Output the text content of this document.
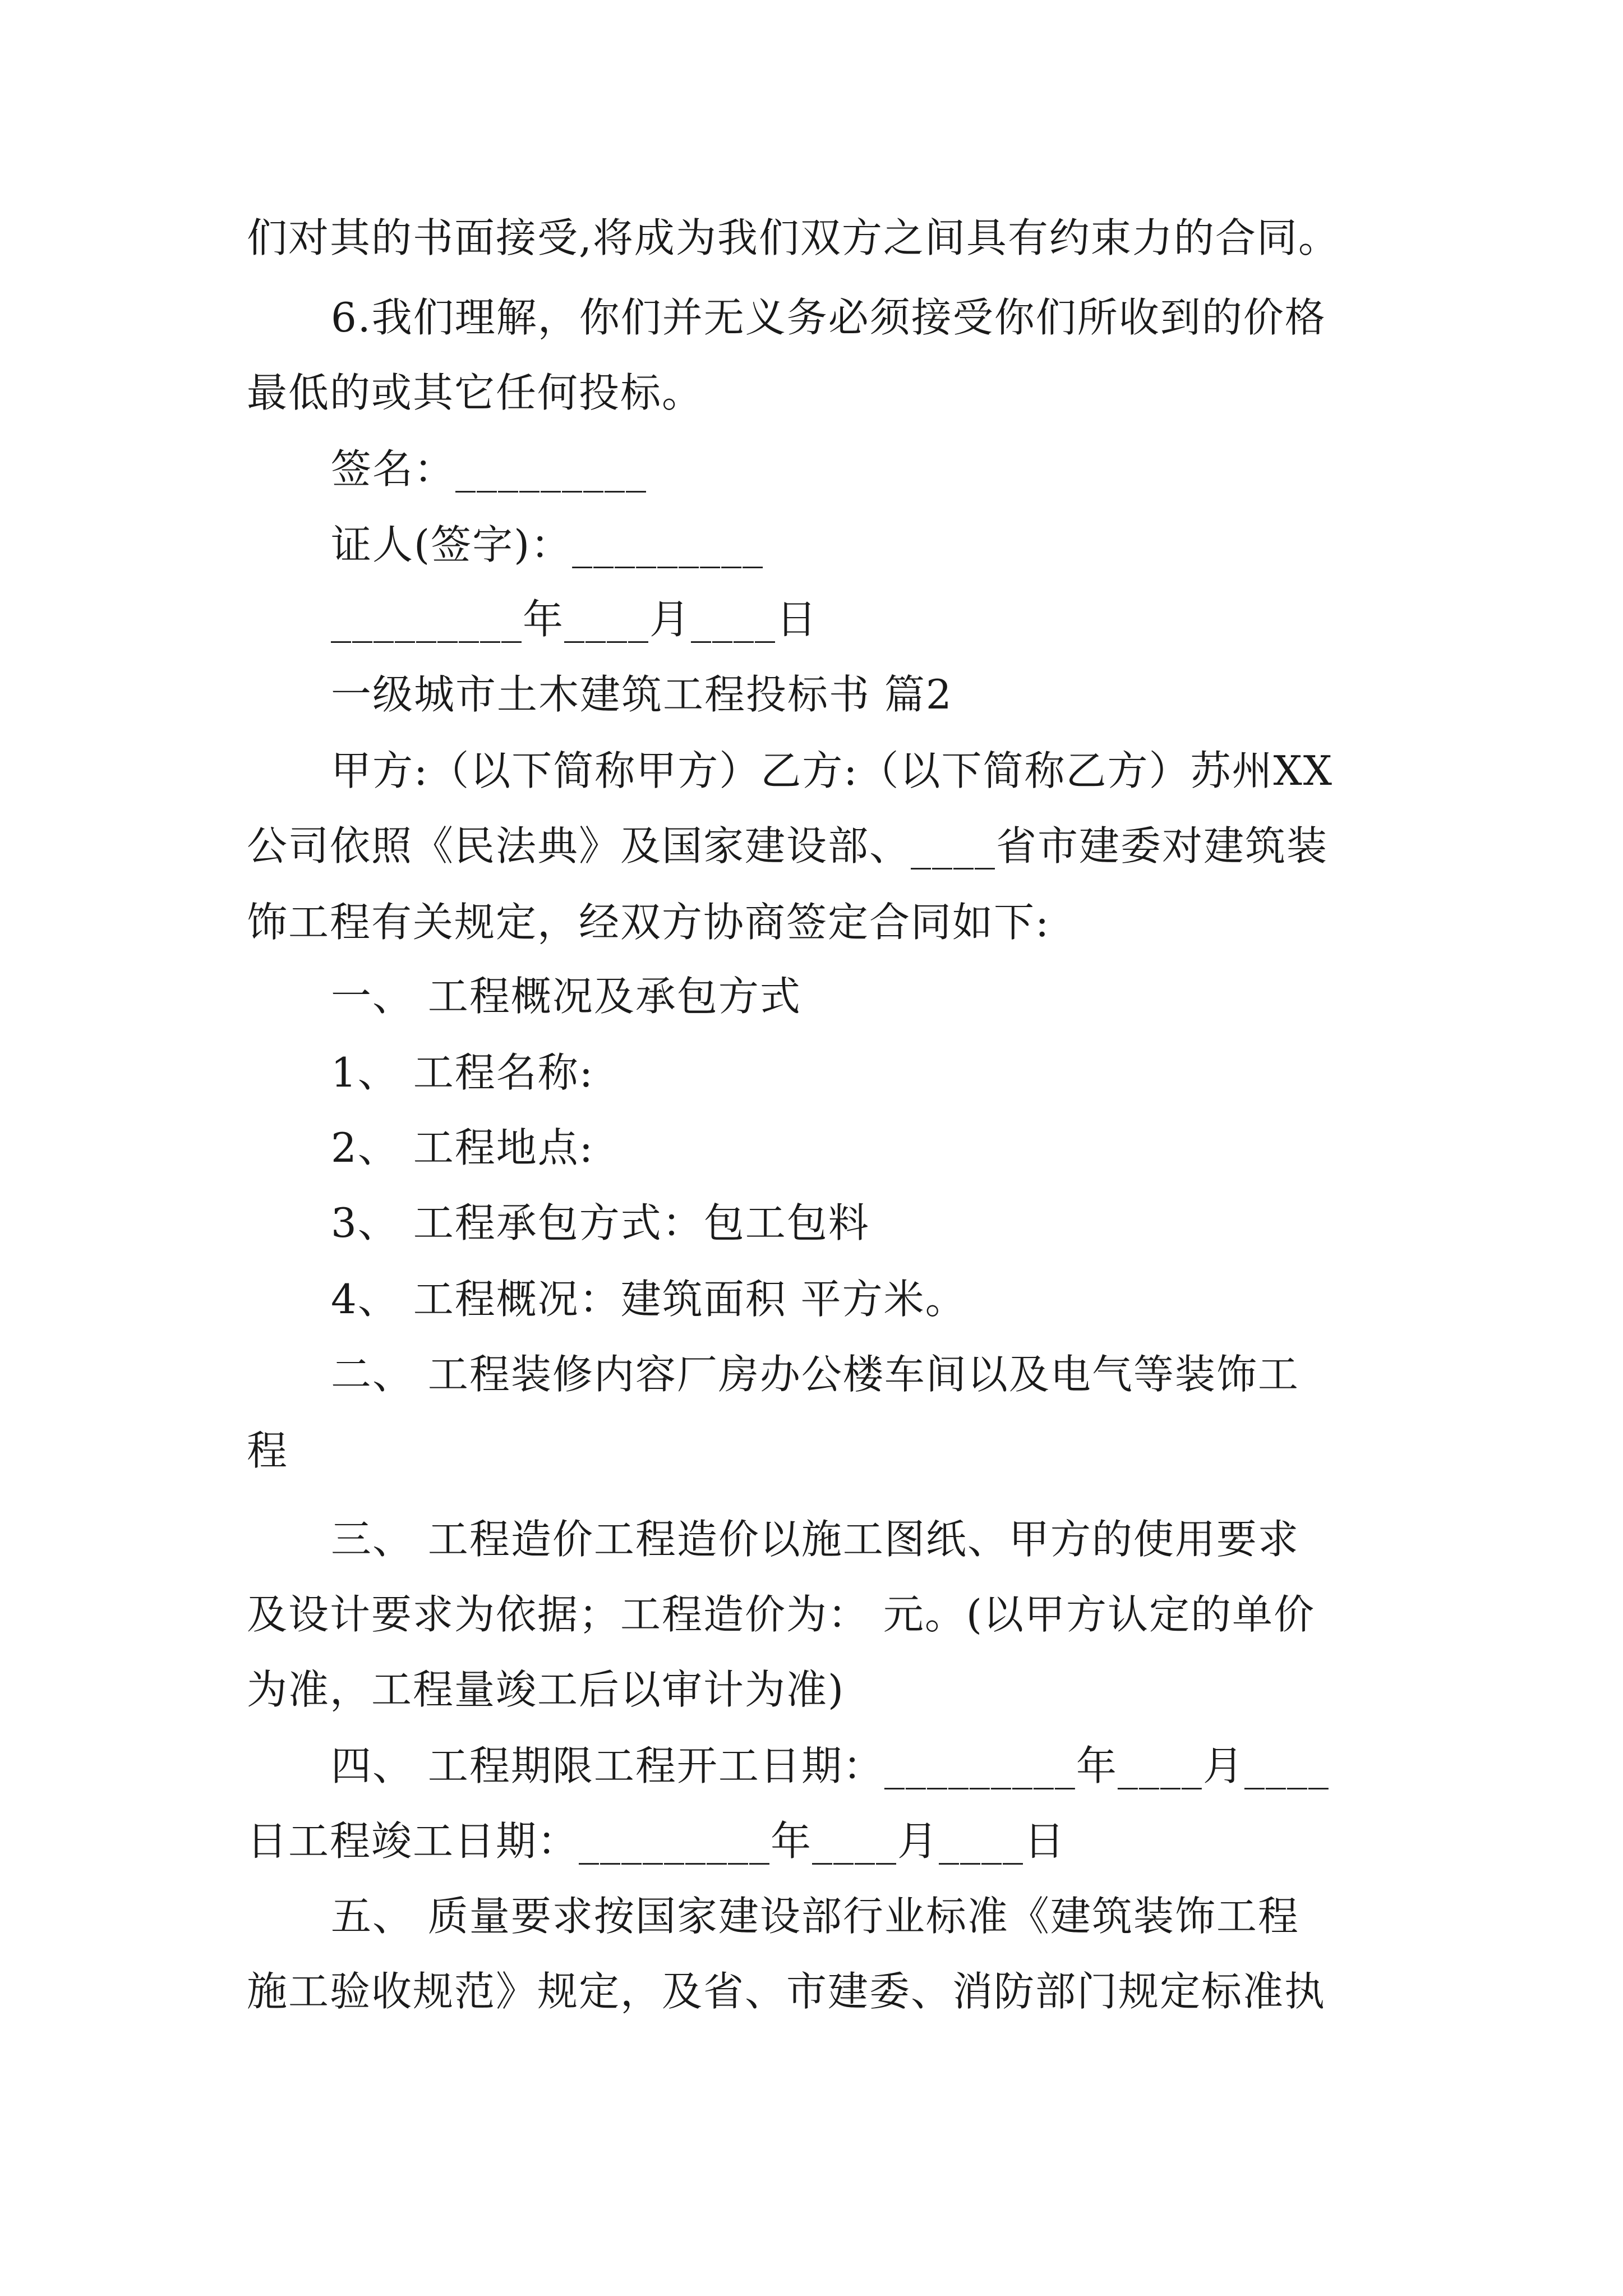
们对其的书面接受,将成为我们双方之间具有约束力的合同。
6.我们理解，你们并无义务必须接受你们所收到的价格
最低的或其它任何投标。
签名：_________
证人(签字)：_________
_________年____月____日
一级城市土木建筑工程投标书 篇2
甲方:（以下简称甲方）乙方:（以下简称乙方）苏州XX
公司依照《民法典》及国家建设部、____省市建委对建筑装
饰工程有关规定，经双方协商签定合同如下:
一、 工程概况及承包方式
1、 工程名称:
2、 工程地点:
3、 工程承包方式：包工包料
4、 工程概况：建筑面积 平方米。
二、 工程装修内容厂房办公楼车间以及电气等装饰工
程
三、 工程造价工程造价以施工图纸、甲方的使用要求
及设计要求为依据；工程造价为： 元。(以甲方认定的单价
为准，工程量竣工后以审计为准)
四、 工程期限工程开工日期：_________年____月____
日工程竣工日期：_________年____月____日
五、 质量要求按国家建设部行业标准《建筑装饰工程
施工验收规范》规定，及省、市建委、消防部门规定标准执
